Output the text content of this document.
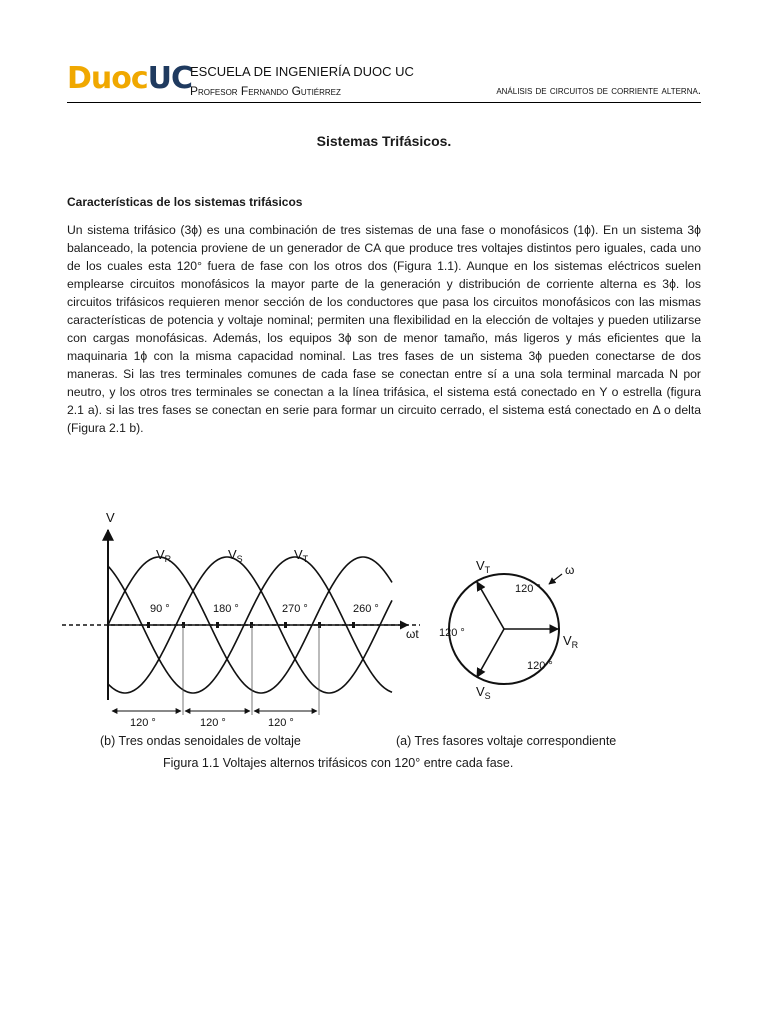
DuocUC
ESCUELA DE INGENIERÍA DUOC UC
Profesor Fernando Gutiérrez	análisis de circuitos de corriente alterna.
Sistemas Trifásicos.
Características de los sistemas trifásicos
Un sistema trifásico (3ϕ) es una combinación de tres sistemas de una fase o monofásicos (1ϕ). En un sistema 3ϕ balanceado, la potencia proviene de un generador de CA que produce tres voltajes distintos pero iguales, cada uno de los cuales esta 120° fuera de fase con los otros dos (Figura 1.1). Aunque en los sistemas eléctricos suelen emplearse circuitos monofásicos la mayor parte de la generación y distribución de corriente alterna es 3ϕ. los circuitos trifásicos requieren menor sección de los conductores que pasa los circuitos monofásicos con las mismas características de potencia y voltaje nominal; permiten una flexibilidad en la elección de voltajes y pueden utilizarse con cargas monofásicas. Además, los equipos 3ϕ son de menor tamaño, más ligeros y más eficientes que la maquinaria 1ϕ con la misma capacidad nominal. Las tres fases de un sistema 3ϕ pueden conectarse de dos maneras. Si las tres terminales comunes de cada fase se conectan entre sí a una sola terminal marcada N por neutro, y los otros tres terminales se conectan a la línea trifásica, el sistema está conectado en Y o estrella (figura 2.1 a). si las tres fases se conectan en serie para formar un circuito cerrado, el sistema está conectado en Δ o delta (Figura 2.1 b).
V
ωt
$V_R$	$V_S$	$V_T$
90 °	180 °	270 °	260 °
120 °	120 °	120 °
$V_T$
$V_R$
$V_S$
120 °
120 °
120 °
ω
(b) Tres ondas senoidales de voltaje	(a) Tres fasores voltaje correspondiente
Figura 1.1 Voltajes alternos trifásicos con 120° entre cada fase.
